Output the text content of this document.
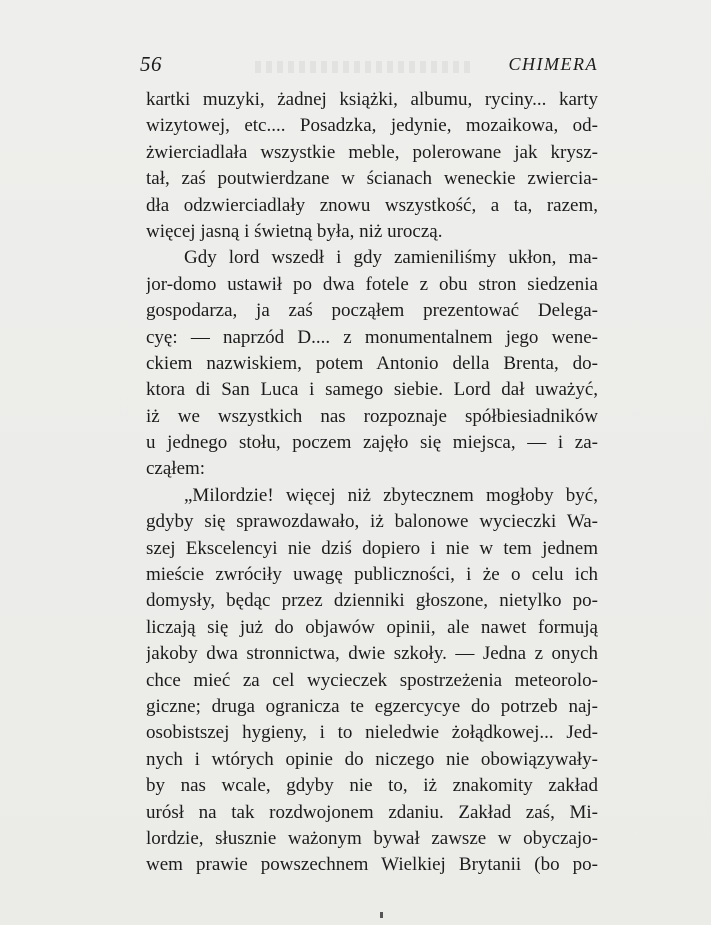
56	CHIMERA
kartki muzyki, żadnej książki, albumu, ryciny... karty
wizytowej, etc.... Posadzka, jedynie, mozaikowa, od-
żwierciadlała wszystkie meble, polerowane jak krysz-
tał, zaś poutwierdzane w ścianach weneckie zwiercia-
dła odzwierciadlały znowu wszystkość, a ta, razem,
więcej jasną i świetną była, niż uroczą.
Gdy lord wszedł i gdy zamieniliśmy ukłon, ma-
jor-domo ustawił po dwa fotele z obu stron siedzenia
gospodarza, ja zaś począłem prezentować Delega-
cyę: — naprzód D.... z monumentalnem jego wene-
ckiem nazwiskiem, potem Antonio della Brenta, do-
ktora di San Luca i samego siebie. Lord dał uważyć,
iż we wszystkich nas rozpoznaje spółbiesiadników
u jednego stołu, poczem zajęło się miejsca, — i za-
cząłem:
„Milordzie! więcej niż zbytecznem mogłoby być,
gdyby się sprawozdawało, iż balonowe wycieczki Wa-
szej Ekscelencyi nie dziś dopiero i nie w tem jednem
mieście zwróciły uwagę publiczności, i że o celu ich
domysły, będąc przez dzienniki głoszone, nietylko po-
liczają się już do objawów opinii, ale nawet formują
jakoby dwa stronnictwa, dwie szkoły. — Jedna z onych
chce mieć za cel wycieczek spostrzeżenia meteorolo-
giczne; druga ogranicza te egzercycye do potrzeb naj-
osobistszej hygieny, i to nieledwie żołądkowej... Jed-
nych i wtórych opinie do niczego nie obowiązywały-
by nas wcale, gdyby nie to, iż znakomity zakład
urósł na tak rozdwojonem zdaniu. Zakład zaś, Mi-
lordzie, słusznie ważonym bywał zawsze w obyczajo-
wem prawie powszechnem Wielkiej Brytanii (bo po-
